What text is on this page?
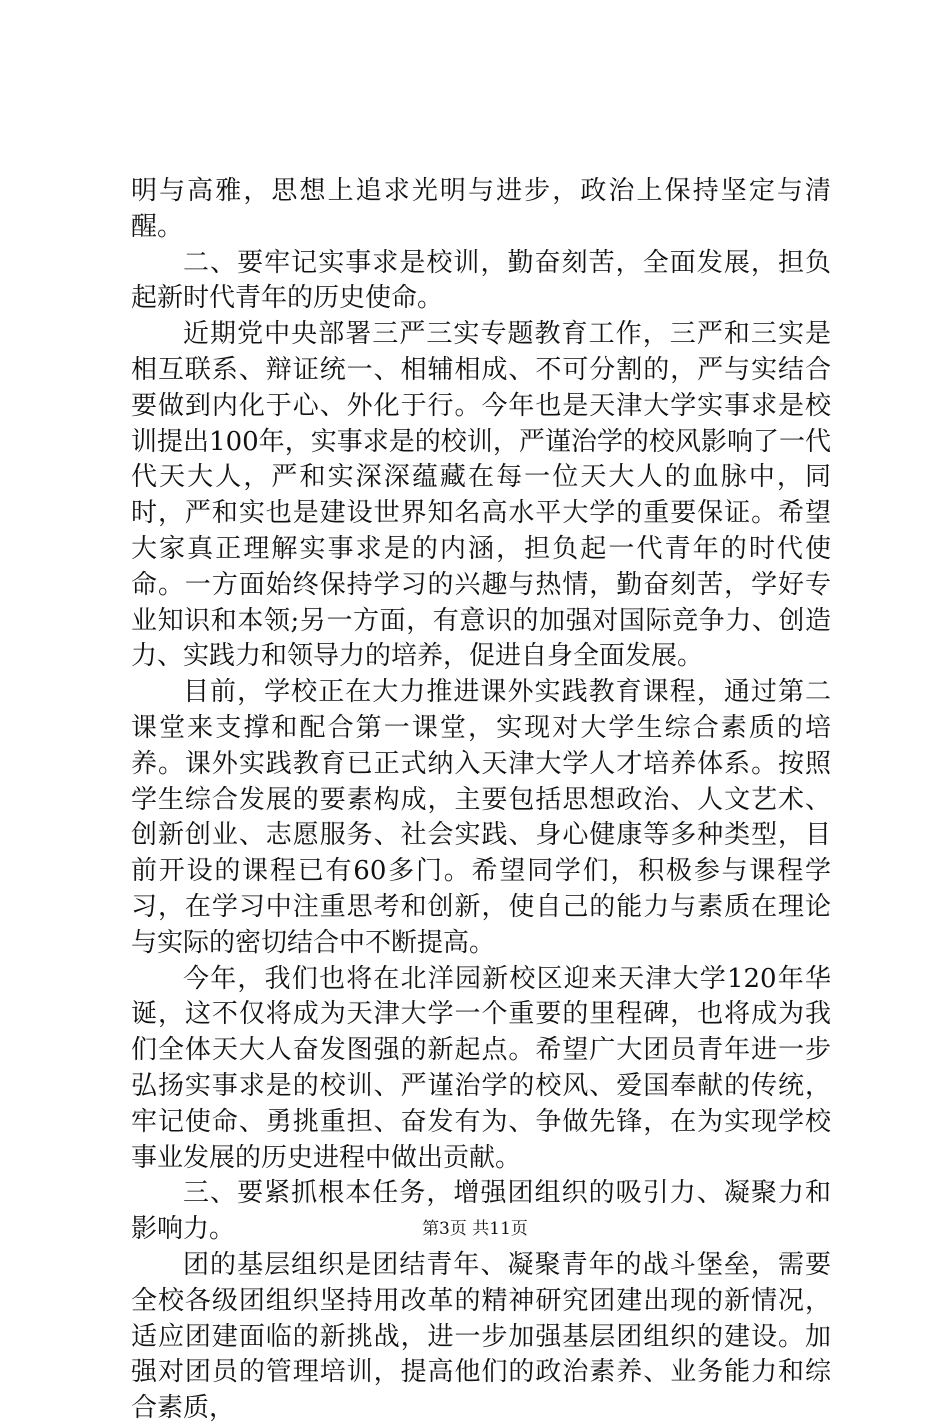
明与高雅，思想上追求光明与进步，政治上保持坚定与清醒。

二、要牢记实事求是校训，勤奋刻苦，全面发展，担负起新时代青年的历史使命。

近期党中央部署三严三实专题教育工作，三严和三实是相互联系、辩证统一、相辅相成、不可分割的，严与实结合要做到内化于心、外化于行。今年也是天津大学实事求是校训提出100年，实事求是的校训，严谨治学的校风影响了一代代天大人，严和实深深蕴藏在每一位天大人的血脉中，同时，严和实也是建设世界知名高水平大学的重要保证。希望大家真正理解实事求是的内涵，担负起一代青年的时代使命。一方面始终保持学习的兴趣与热情，勤奋刻苦，学好专业知识和本领;另一方面，有意识的加强对国际竞争力、创造力、实践力和领导力的培养，促进自身全面发展。

目前，学校正在大力推进课外实践教育课程，通过第二课堂来支撑和配合第一课堂，实现对大学生综合素质的培养。课外实践教育已正式纳入天津大学人才培养体系。按照学生综合发展的要素构成，主要包括思想政治、人文艺术、创新创业、志愿服务、社会实践、身心健康等多种类型，目前开设的课程已有60多门。希望同学们，积极参与课程学习，在学习中注重思考和创新，使自己的能力与素质在理论与实际的密切结合中不断提高。

今年，我们也将在北洋园新校区迎来天津大学120年华诞，这不仅将成为天津大学一个重要的里程碑，也将成为我们全体天大人奋发图强的新起点。希望广大团员青年进一步弘扬实事求是的校训、严谨治学的校风、爱国奉献的传统，牢记使命、勇挑重担、奋发有为、争做先锋，在为实现学校事业发展的历史进程中做出贡献。

三、要紧抓根本任务，增强团组织的吸引力、凝聚力和影响力。

团的基层组织是团结青年、凝聚青年的战斗堡垒，需要全校各级团组织坚持用改革的精神研究团建出现的新情况，适应团建面临的新挑战，进一步加强基层团组织的建设。加强对团员的管理培训，提高他们的政治素养、业务能力和综合素质，

第3页 共11页
